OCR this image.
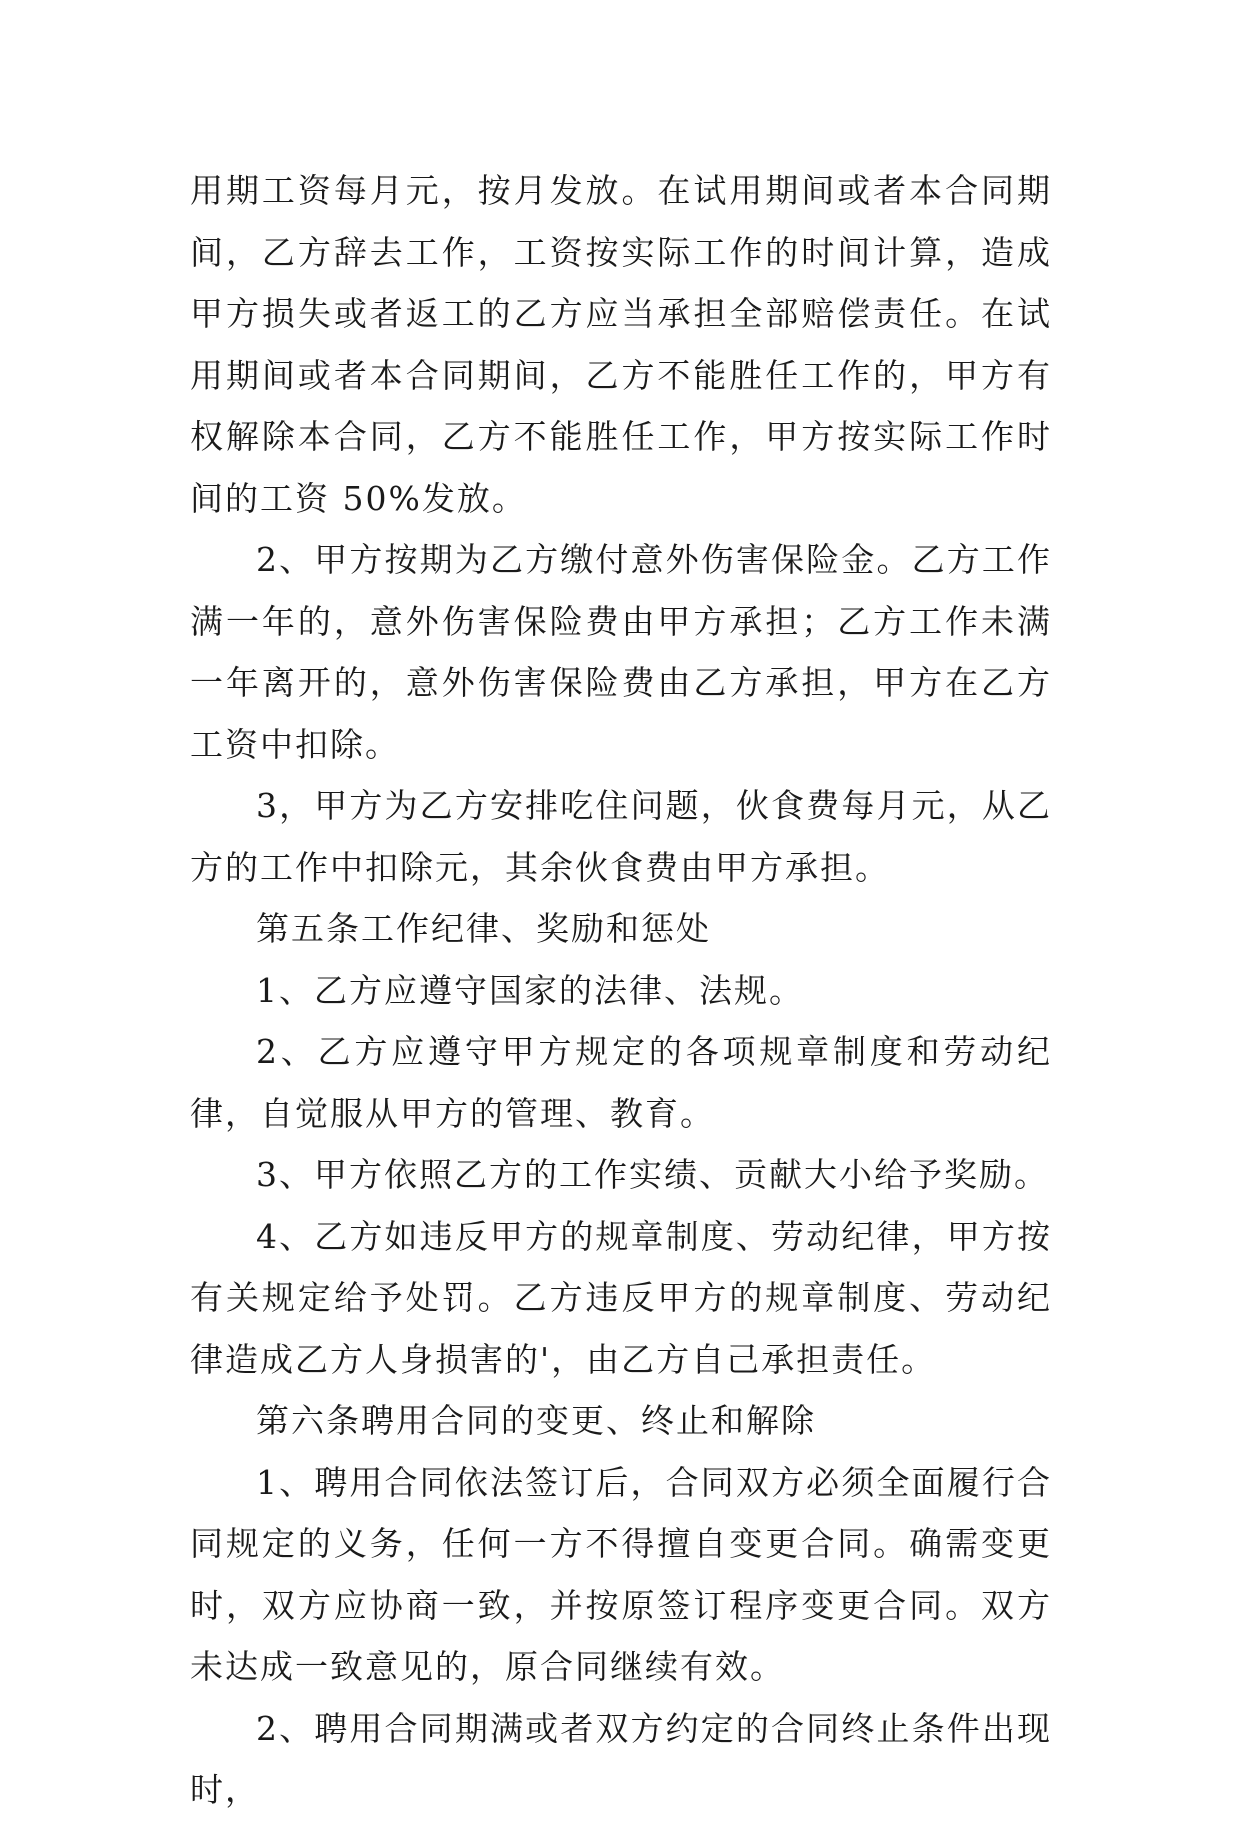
用期工资每月元，按月发放。在试用期间或者本合同期间，乙方辞去工作，工资按实际工作的时间计算，造成甲方损失或者返工的乙方应当承担全部赔偿责任。在试用期间或者本合同期间，乙方不能胜任工作的，甲方有权解除本合同，乙方不能胜任工作，甲方按实际工作时间的工资 50%发放。

2、甲方按期为乙方缴付意外伤害保险金。乙方工作满一年的，意外伤害保险费由甲方承担；乙方工作未满一年离开的，意外伤害保险费由乙方承担，甲方在乙方工资中扣除。

3，甲方为乙方安排吃住问题，伙食费每月元，从乙方的工作中扣除元，其余伙食费由甲方承担。

第五条工作纪律、奖励和惩处

1、乙方应遵守国家的法律、法规。

2、乙方应遵守甲方规定的各项规章制度和劳动纪律，自觉服从甲方的管理、教育。

3、甲方依照乙方的工作实绩、贡献大小给予奖励。

4、乙方如违反甲方的规章制度、劳动纪律，甲方按有关规定给予处罚。乙方违反甲方的规章制度、劳动纪律造成乙方人身损害的'，由乙方自己承担责任。

第六条聘用合同的变更、终止和解除

1、聘用合同依法签订后，合同双方必须全面履行合同规定的义务，任何一方不得擅自变更合同。确需变更时，双方应协商一致，并按原签订程序变更合同。双方未达成一致意见的，原合同继续有效。

2、聘用合同期满或者双方约定的合同终止条件出现时，
